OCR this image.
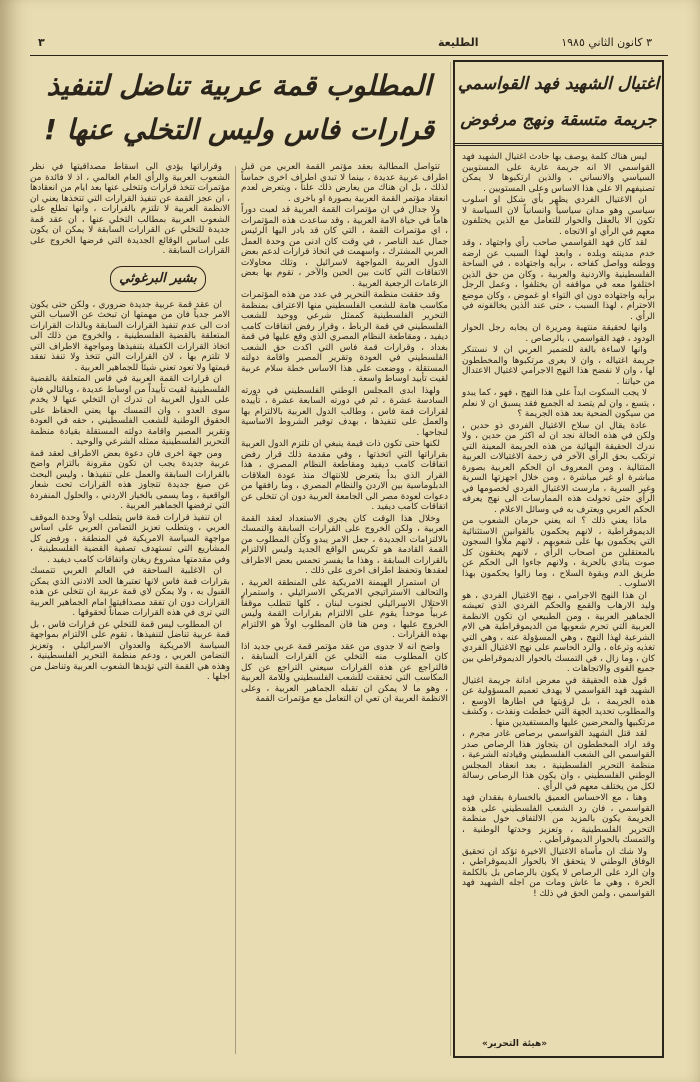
٣	الطليعة	٣ كانون الثاني ١٩٨٥
اغتيال الشهيد فهد القواسمي
جريمة متسقة ونهج مرفوض

ليس هناك كلمة يوصف بها حادث اغتيال الشهيد فهد القواسمي الا انه جريمة عارية على المستويين السياسي والانساني ، والذين ارتكبوها لا يمكن تصنيفهم الا على هذا الاساس وعلى المستويين .

ان الاغتيال الفردي يظهر بأي شكل او اسلوب سياسي وهو مدان سياسياً وانسانياً لان السياسة لا تكون الا بالعقل والحوار للتعامل مع الذين يختلفون معهم في الرأي او الاتجاه .

لقد كان فهد القواسمي صاحب رأي واجتهاد ، وقد خدم مدينته وبلده ، وابعد لهذا السبب عن ارضه ووطنه وواصل كفاحه ، برأيه واجتهاده ، في الساحة الفلسطينية والاردنية والعربية ، وكان من حق الذين اختلفوا معه في مواقفه ان يختلفوا ، وعمل الرجل برأيه واجتهاده دون اي التواء او غموض ، وكان موضع الاحترام ، لهذا السبب ، حتى عند الذين يخالفونه في الرأي .

وانها لحقيقة منتهية ومريرة ان يجابه رجل الحوار الودود ، فهد القواسمي ، بالرصاص .

وانها لاساءة بالغة للضمير العربي ان لا نستنكر جريمة اغتياله ، وان لا يعرى مرتكبوها والمخططون لها ، وان لا نفضح هذا النهج الاجرامي لاغتيال الاعتدال من حياتنا .

لا يجب السكوت ابداً على هذا النهج ، فهو ، كما يبدو ، يتسع ، وان لم يتصد له الجميع فقد يسبق ان لا نعلم من سيكون الضحية بعد هذه الجريمة ؟

عادة يقال ان سلاح الاغتيال الفردي ذو حدين ، ولكن في هذه الحالة نجد ان له اكثر من حدين ، ولا ندرك الحقيقة النهائية من هذه الجريمة المعينة التي ترتكب بحق الرأي الآخر في زحمة الاغتيالات العربية المتتالية ، ومن المعروف ان الحكم العربية بصورة مباشرة او غير مباشرة ، ومن خلال اجهزتها السرية وغير السرية ، مارست الاغتيال الفردي لخصومها في الرأي حتى تحولت هذه الممارسات الى نهج يعرفه الحكم العربي ويعترف به في وسائل الاعلام .

ماذا يعني ذلك ؟ انه يعني حرمان الشعوب من الديموقراطية ، لانهم يحكمون بالقوانين الاستثنائية التي يحكمون بها على شعوبهم ، لانهم ملأوا السجون بالمعتقلين من اصحاب الرأي ، لانهم يخنقون كل صوت ينادي بالحرية ، ولانهم جاءوا الى الحكم عن طريق الدم وبقوة السلاح ، وما زالوا يحكمون بهذا الاسلوب .

ان هذا النهج الاجرامي ، نهج الاغتيال الفردي ، هو وليد الارهاب والقمع والحكم الفردي الذي تعيشه الجماهير العربية ، ومن الطبيعي ان تكون الانظمة العربية التي تحرم شعوبها من الديموقراطية هي الام الشرعية لهذا النهج ، وهي المسؤولة عنه ، وهي التي تغذيه وترعاه ، والرد الحاسم على نهج الاغتيال الفردي كان ، وما زال ، في التمسك بالحوار الديموقراطي بين جميع القوى والاتجاهات .

قول هذه الحقيقة في معرض ادانة جريمة اغتيال الشهيد فهد القواسمي لا يهدف تعميم المسؤولية عن هذه الجريمة ، بل لرؤيتها في اطارها الاوسع ، والمطلوب تحديد الجهة التي خططت ونفذت ، وكشف مرتكبيها والمحرضين عليها والمستفيدين منها .

لقد قتل الشهيد القواسمي برصاص غادر مجرم ، وقد اراد المخططون ان يتجاوز هذا الرصاص صدر القواسمي الى الشعب الفلسطيني وقيادته الشرعية ، منظمة التحرير الفلسطينية ، بعد انعقاد المجلس الوطني الفلسطيني ، وان يكون هذا الرصاص رسالة لكل من يختلف معهم في الرأي .

وهنا ، مع الاحساس العميق بالخسارة بفقدان فهد القواسمي ، فان رد الشعب الفلسطيني على هذه الجريمة يكون بالمزيد من الالتفاف حول منظمة التحرير الفلسطينية ، وتعزيز وحدتها الوطنية ، والتمسك بالحوار الديموقراطي .

ولا شك ان مأساة الاغتيال الاخيرة تؤكد ان تحقيق الوفاق الوطني لا يتحقق الا بالحوار الديموقراطي ، وان الرد على الرصاص لا يكون بالرصاص بل بالكلمة الحرة ، وهي ما عاش ومات من اجله الشهيد فهد القواسمي ، ولمن الحق في ذلك !

«هيئة التحرير»

المطلوب قمة عربية تناضل لتنفيذ
قرارات فاس وليس التخلي عنها !

تتواصل المطالبة بعقد مؤتمر القمة العربي من قبل اطراف عربية عديدة ، بينما لا تبدي اطراف اخرى حماساً لذلك ، بل ان هناك من يعارض ذلك علناً ، ويتعرض لعدم انعقاد مؤتمر القمة العربية بصورة او باخرى .

ولا جدال في ان مؤتمرات القمة العربية قد لعبت دوراً هاماً في حياة الامة العربية ، وقد ساعدت هذه المؤتمرات ، اي مؤتمرات القمة ، التي كان قد بادر اليها الرئيس جمال عبد الناصر ، في وقت كان ادنى من وحدة العمل العربي المشترك ، واسهمت في اتخاذ قرارات لدعم بعض الدول العربية المواجهة لاسرائيل ، وتلك محاولات الاتفاقات التي كانت بين الحين والآخر ، تقوم بها بعض الزعامات الرجعية العربية .

وقد حققت منظمة التحرير في عدد من هذه المؤتمرات مكاسب هامة للشعب الفلسطيني منها الاعتراف بمنظمة التحرير الفلسطينية كممثل شرعي ووحيد للشعب الفلسطيني في قمة الرباط ، وقرار رفض اتفاقات كامب ديفيد ، ومقاطعة النظام المصري الذي وقع عليها في قمة بغداد ، وقرارات قمة فاس التي اكدت حق الشعب الفلسطيني في العودة وتقرير المصير واقامة دولته المستقلة ، ووضعت على هذا الاساس خطة سلام عربية لقيت تأييد اوساط واسعة .

ولهذا ابدى المجلس الوطني الفلسطيني في دورته السادسة عشرة ، ثم في دورته السابعة عشرة ، تأييده لقرارات قمة فاس ، وطالب الدول العربية بالالتزام بها والعمل على تنفيذها ، بهدف توفير الشروط الاساسية لنجاحها .

لكنها حتى تكون ذات قيمة ينبغي ان تلتزم الدول العربية بقراراتها التي اتخذتها ، وفي مقدمة ذلك قرار رفض اتفاقات كامب ديفيد ومقاطعة النظام المصري ، هذا القرار الذي بدأ يتعرض للانتهاك منذ عودة العلاقات الدبلوماسية بين الاردن والنظام المصري ، وما رافقها من دعوات لعودة مصر الى الجامعة العربية دون ان تتخلى عن اتفاقات كامب ديفيد .

وخلال هذا الوقت كان يجري الاستعداد لعقد القمة العربية ، ولكن الخروج على القرارات السابقة والتمسك بالالتزامات الجديدة ، جعل الامر يبدو وكأن المطلوب من القمة القادمة هو تكريس الواقع الجديد وليس الالتزام بالقرارات السابقة ، وهذا ما يفسر تحمس بعض الاطراف لعقدها وتحفظ اطراف اخرى على ذلك .

ان استمرار الهيمنة الامريكية على المنطقة العربية ، والتحالف الاستراتيجي الامريكي الاسرائيلي ، واستمرار الاحتلال الاسرائيلي لجنوب لبنان ، كلها تتطلب موقفاً عربياً موحداً يقوم على الالتزام بقرارات القمة وليس الخروج عليها ، ومن هنا فان المطلوب اولاً هو الالتزام بهذه القرارات .

واضح انه لا جدوى من عقد مؤتمر قمة عربي جديد اذا كان المطلوب منه التخلي عن القرارات السابقة ، فالتراجع عن هذه القرارات سيعني التراجع عن كل المكاسب التي تحققت للشعب الفلسطيني وللامة العربية ، وهو ما لا يمكن ان تقبله الجماهير العربية ، وعلى الانظمة العربية ان تعي ان التعامل مع مؤتمرات القمة

وقراراتها يؤدي الى اسقاط مصداقيتها في نظر الشعوب العربية والرأي العام العالمي ، اذ لا فائدة من مؤتمرات تتخذ قرارات وتتخلى عنها بعد ايام من انعقادها ، ان عجز القمة عن تنفيذ القرارات التي تتخذها يعني ان الانظمة العربية لا تلتزم بالقرارات ، وانها تطلع على الشعوب العربية بمطالب التخلي عنها ، ان عقد قمة جديدة للتخلي عن القرارات السابقة لا يمكن ان يكون على اساس الوقائع الجديدة التي فرضها الخروج على القرارات السابقة .

بشير البرغوثي

ان عقد قمة عربية جديدة ضروري ، ولكن حتى يكون الامر جدياً فان من مهمتها ان تبحث عن الاسباب التي ادت الى عدم تنفيذ القرارات السابقة وبالذات القرارات المتعلقة بالقضية الفلسطينية ، والخروج من ذلك الى اتخاذ القرارات الكفيلة بتنفيذها ومواجهة الاطراف التي لا تلتزم بها ، لان القرارات التي تتخذ ولا تنفذ تفقد قيمتها ولا تعود تعني شيئاً للجماهير العربية .

ان قرارات القمة العربية في فاس المتعلقة بالقضية الفلسطينية لقيت تأييداً من اوساط عديدة ، وبالتالي فان على الدول العربية ان تدرك ان التخلي عنها لا يخدم سوى العدو ، وان التمسك بها يعني الحفاظ على الحقوق الوطنية للشعب الفلسطيني ، حقه في العودة وتقرير المصير واقامة دولته المستقلة بقيادة منظمة التحرير الفلسطينية ممثله الشرعي والوحيد .

ومن جهة اخرى فان دعوة بعض الاطراف لعقد قمة عربية جديدة يجب ان تكون مقرونة بالتزام واضح بالقرارات السابقة والعمل على تنفيذها ، وليس البحث عن صيغ جديدة تتجاوز هذه القرارات تحت شعار الواقعية ، وما يسمى بالخيار الاردني ، والحلول المنفردة التي ترفضها الجماهير العربية .

ان تنفيذ قرارات قمة فاس يتطلب اولاً وحدة الموقف العربي ، ويتطلب تعزيز التضامن العربي على اساس مواجهة السياسة الامريكية في المنطقة ، ورفض كل المشاريع التي تستهدف تصفية القضية الفلسطينية ، وفي مقدمتها مشروع ريغان واتفاقات كامب ديفيد .

ان الاغلبية الساحقة في العالم العربي تتمسك بقرارات قمة فاس لانها تعتبرها الحد الادنى الذي يمكن القبول به ، ولا يمكن لاي قمة عربية ان تتخلى عن هذه القرارات دون ان تفقد مصداقيتها امام الجماهير العربية التي ترى في هذه القرارات ضماناً لحقوقها .

ان المطلوب ليس قمة للتخلي عن قرارات فاس ، بل قمة عربية تناضل لتنفيذها ، تقوم على الالتزام بمواجهة السياسة الامريكية والعدوان الاسرائيلي ، وتعزيز التضامن العربي ، ودعم منظمة التحرير الفلسطينية ، وهذه هي القمة التي تؤيدها الشعوب العربية وتناضل من اجلها .
